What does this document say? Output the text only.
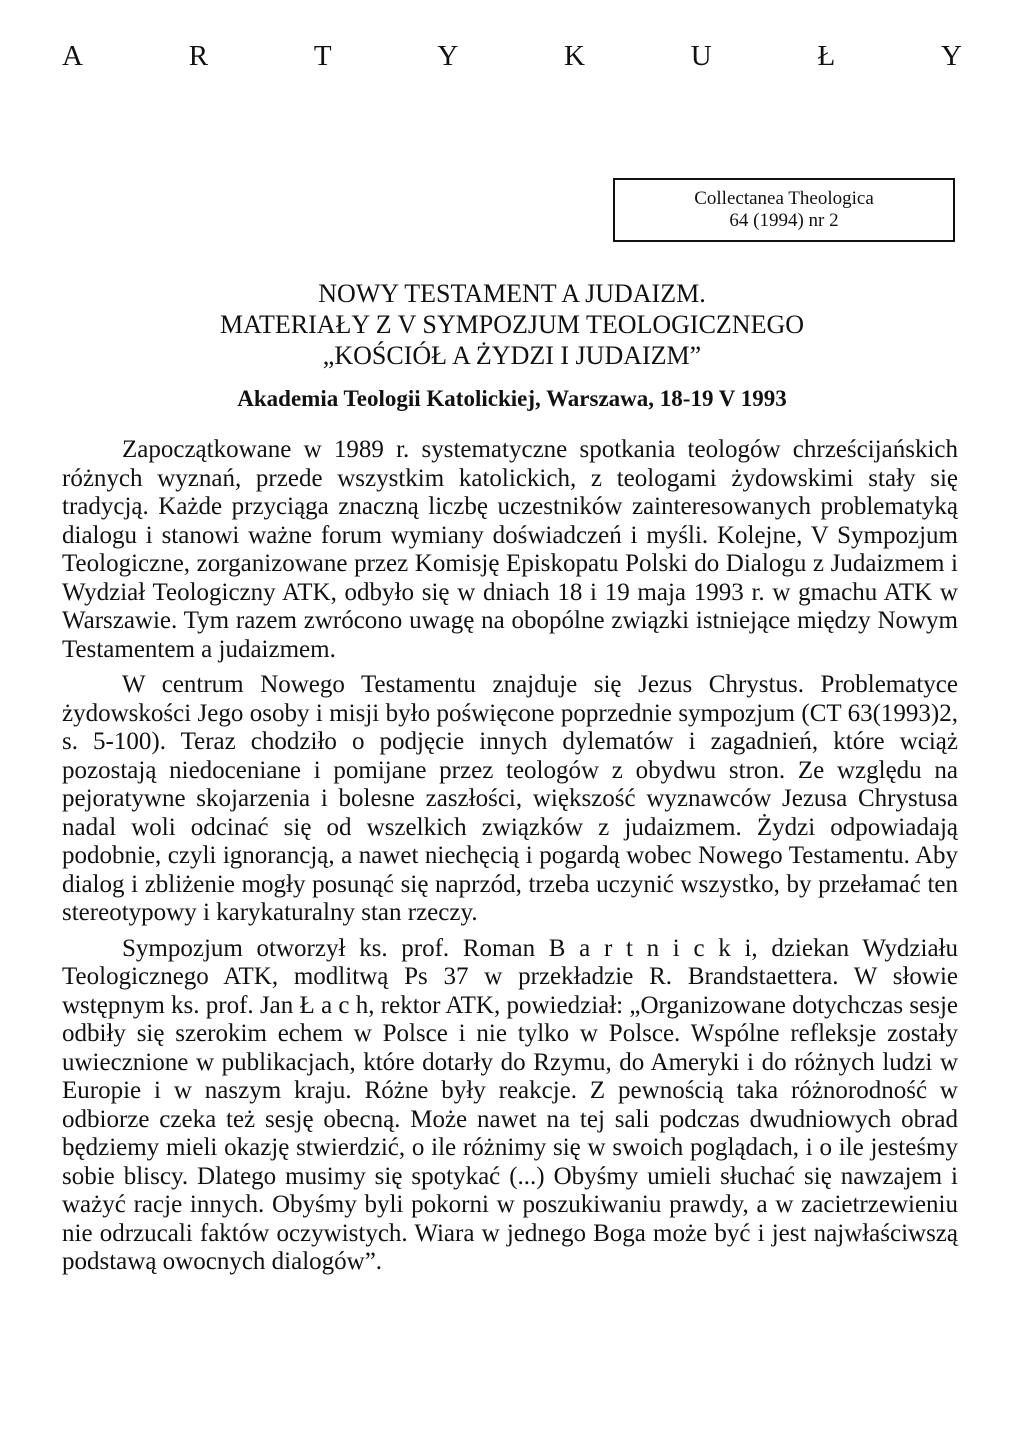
A	R	T	Y	K	U	Ł	Y
Collectanea Theologica
64 (1994) nr 2
NOWY TESTAMENT A JUDAIZM.
MATERIAŁY Z V SYMPOZJUM TEOLOGICZNEGO
„KOŚCIÓŁ A ŻYDZI I JUDAIZM”
Akademia Teologii Katolickiej, Warszawa, 18-19 V 1993

Zapoczątkowane w 1989 r. systematyczne spotkania teologów chrześcijańskich różnych wyznań, przede wszystkim katolickich, z teologami żydowskimi stały się tradycją. Każde przyciąga znaczną liczbę uczestników zainteresowanych problematyką dialogu i stanowi ważne forum wymiany doświadczeń i myśli. Kolejne, V Sympozjum Teologiczne, zorganizowane przez Komisję Episkopatu Polski do Dialogu z Judaizmem i Wydział Teologiczny ATK, odbyło się w dniach 18 i 19 maja 1993 r. w gmachu ATK w Warszawie. Tym razem zwrócono uwagę na obopólne związki istniejące między Nowym Testamentem a judaizmem.

W centrum Nowego Testamentu znajduje się Jezus Chrystus. Problematyce żydowskości Jego osoby i misji było poświęcone poprzednie sympozjum (CT 63(1993)2, s. 5-100). Teraz chodziło o podjęcie innych dylematów i zagadnień, które wciąż pozostają niedoceniane i pomijane przez teologów z obydwu stron. Ze względu na pejoratywne skojarzenia i bolesne zaszłości, większość wyznawców Jezusa Chrystusa nadal woli odcinać się od wszelkich związków z judaizmem. Żydzi odpowiadają podobnie, czyli ignorancją, a nawet niechęcią i pogardą wobec Nowego Testamentu. Aby dialog i zbliżenie mogły posunąć się naprzód, trzeba uczynić wszystko, by przełamać ten stereotypowy i karykaturalny stan rzeczy.

Sympozjum otworzył ks. prof. Roman B a r t n i c k i, dziekan Wydziału Teologicznego ATK, modlitwą Ps 37 w przekładzie R. Brandstaettera. W słowie wstępnym ks. prof. Jan Ł a c h, rektor ATK, powiedział: „Organizowane dotychczas sesje odbiły się szerokim echem w Polsce i nie tylko w Polsce. Wspólne refleksje zostały uwiecznione w publikacjach, które dotarły do Rzymu, do Ameryki i do różnych ludzi w Europie i w naszym kraju. Różne były reakcje. Z pewnością taka różnorodność w odbiorze czeka też sesję obecną. Może nawet na tej sali podczas dwudniowych obrad będziemy mieli okazję stwierdzić, o ile różnimy się w swoich poglądach, i o ile jesteśmy sobie bliscy. Dlatego musimy się spotykać (...) Obyśmy umieli słuchać się nawzajem i ważyć racje innych. Obyśmy byli pokorni w poszukiwaniu prawdy, a w zacietrzewieniu nie odrzucali faktów oczywistych. Wiara w jednego Boga może być i jest najwłaściwszą podstawą owocnych dialogów”.
